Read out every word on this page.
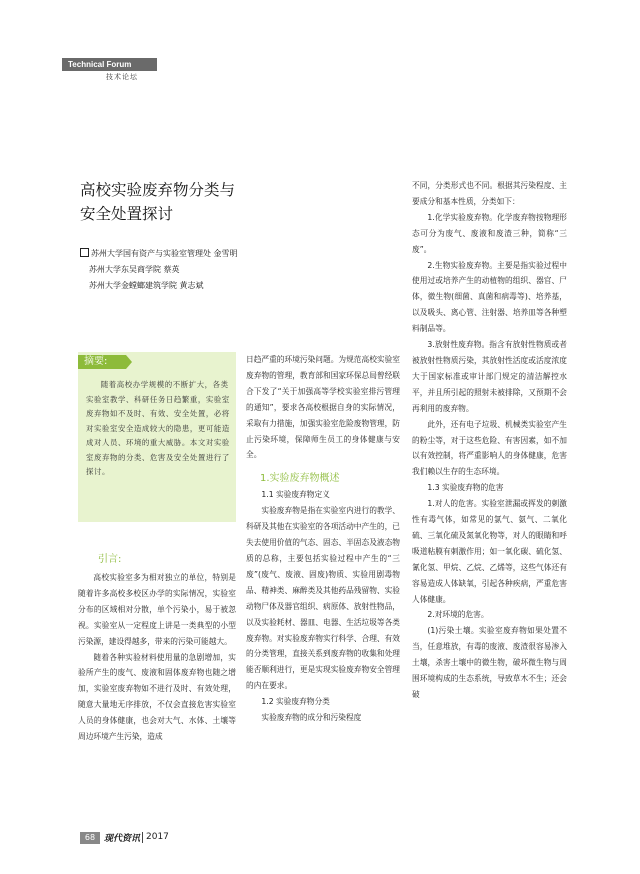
Technical Forum
技术论坛
高校实验废弃物分类与
安全处置探讨
苏州大学国有资产与实验室管理处 金雪明
苏州大学东吴商学院 蔡英
苏州大学金螳螂建筑学院 黄志斌
摘要:
随着高校办学规模的不断扩大，各类实验室教学、科研任务日趋繁重，实验室废弃物如不及时、有效、安全处置，必将对实验室安全造成较大的隐患，更可能造成对人员、环境的重大威胁。本文对实验室废弃物的分类、危害及安全处置进行了探讨。
引言:

高校实验室多为相对独立的单位，特别是随着许多高校多校区办学的实际情况，实验室分布的区域相对分散，单个污染小，易于被忽视。实验室从一定程度上讲是一类典型的小型污染源，建设得越多，带来的污染可能越大。

随着各种实验材料使用量的急剧增加，实验所产生的废气、废液和固体废弃物也随之增加，实验室废弃物如不进行及时、有效处理，随意大量地无序排放，不仅会直接危害实验室人员的身体健康，也会对大气、水体、土壤等周边环境产生污染，造成

日趋严重的环境污染问题。为规范高校实验室废弃物的管理，教育部和国家环保总局曾经联合下发了“关于加强高等学校实验室排污管理的通知”，要求各高校根据自身的实际情况，采取有力措施，加强实验室危险废物管理，防止污染环境，保障师生员工的身体健康与安全。

1.实验废弃物概述
1.1 实验废弃物定义

实验废弃物是指在实验室内进行的教学、科研及其他在实验室的各项活动中产生的，已失去使用价值的气态、固态、半固态及液态物质的总称，主要包括实验过程中产生的“三废”(废气、废液、固废)物质、实验用剧毒物品、精神类、麻醉类及其他药品残留物、实验动物尸体及器官组织、病原体、放射性物品，以及实验耗材、器皿、电器、生活垃圾等各类废弃物。对实验废弃物实行科学、合理、有效的分类管理，直接关系到废弃物的收集和处理能否顺利进行，更是实现实验废弃物安全管理的内在要求。

1.2 实验废弃物分类

实验废弃物的成分和污染程度

不同，分类形式也不同。根据其污染程度、主要成分和基本性质，分类如下：

1.化学实验废弃物。化学废弃物按物理形态可分为废气、废液和废渣三种，简称“三废”。

2.生物实验废弃物。主要是指实验过程中使用过或培养产生的动植物的组织、器官、尸体，微生物(细菌、真菌和病毒等)、培养基，以及吸头、离心管、注射器、培养皿等各种塑料制品等。

3.放射性废弃物。指含有放射性物质或者被放射性物质污染，其放射性活度或活度浓度大于国家标准或审计部门规定的清洁解控水平，并且所引起的照射未被排除，又预期不会再利用的废弃物。

此外，还有电子垃圾、机械类实验室产生的粉尘等，对于这些危险、有害因素，如不加以有效控制，将严重影响人的身体健康，危害我们赖以生存的生态环境。

1.3 实验废弃物的危害

1.对人的危害。实验室泄漏或挥发的刺激性有毒气体，如常见的氯气、氨气、二氧化硫、三氧化硫及氮氧化物等，对人的眼睛和呼吸道粘膜有刺激作用；如一氧化碳、硫化氢、氰化氢、甲烷、乙烷、乙烯等，这些气体还有容易造成人体缺氧，引起各种疾病，严重危害人体健康。

2.对环境的危害。

(1)污染土壤。实验室废弃物如果处置不当，任意堆放，有毒的废液、废渣很容易渗入土壤，杀害土壤中的微生物，破坏微生物与周围环境构成的生态系统，导致草木不生；还会破

68 现代资讯 2017
